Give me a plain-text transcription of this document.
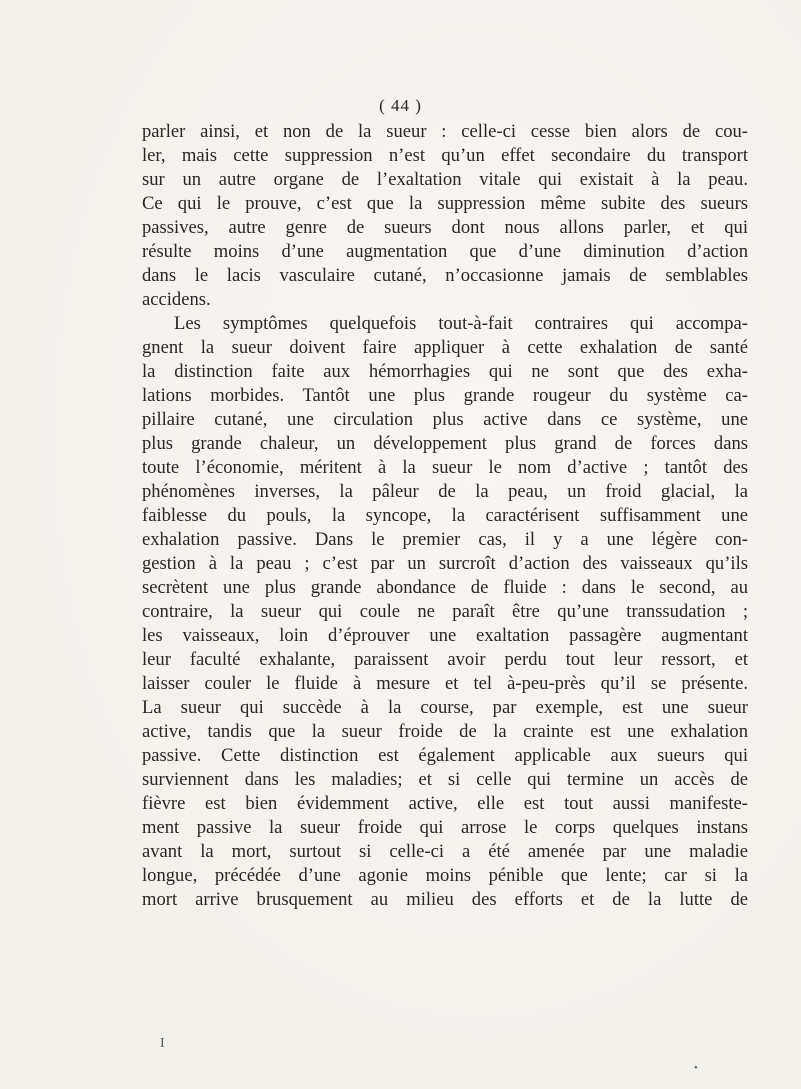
( 44 )
parler ainsi, et non de la sueur : celle-ci cesse bien alors de cou-
ler, mais cette suppression n’est qu’un effet secondaire du transport
sur un autre organe de l’exaltation vitale qui existait à la peau.
Ce qui le prouve, c’est que la suppression même subite des sueurs
passives, autre genre de sueurs dont nous allons parler, et qui
résulte moins d’une augmentation que d’une diminution d’action
dans le lacis vasculaire cutané, n’occasionne jamais de semblables
accidens.
Les symptômes quelquefois tout-à-fait contraires qui accompa-
gnent la sueur doivent faire appliquer à cette exhalation de santé
la distinction faite aux hémorrhagies qui ne sont que des exha-
lations morbides. Tantôt une plus grande rougeur du système ca-
pillaire cutané, une circulation plus active dans ce système, une
plus grande chaleur, un développement plus grand de forces dans
toute l’économie, méritent à la sueur le nom d’active ; tantôt des
phénomènes inverses, la pâleur de la peau, un froid glacial, la
faiblesse du pouls, la syncope, la caractérisent suffisamment une
exhalation passive. Dans le premier cas, il y a une légère con-
gestion à la peau ; c’est par un surcroît d’action des vaisseaux qu’ils
secrètent une plus grande abondance de fluide : dans le second, au
contraire, la sueur qui coule ne paraît être qu’une transsudation ;
les vaisseaux, loin d’éprouver une exaltation passagère augmentant
leur faculté exhalante, paraissent avoir perdu tout leur ressort, et
laisser couler le fluide à mesure et tel à-peu-près qu’il se présente.
La sueur qui succède à la course, par exemple, est une sueur
active, tandis que la sueur froide de la crainte est une exhalation
passive. Cette distinction est également applicable aux sueurs qui
surviennent dans les maladies; et si celle qui termine un accès de
fièvre est bien évidemment active, elle est tout aussi manifeste-
ment passive la sueur froide qui arrose le corps quelques instans
avant la mort, surtout si celle-ci a été amenée par une maladie
longue, précédée d’une agonie moins pénible que lente; car si la
mort arrive brusquement au milieu des efforts et de la lutte de
I
•
